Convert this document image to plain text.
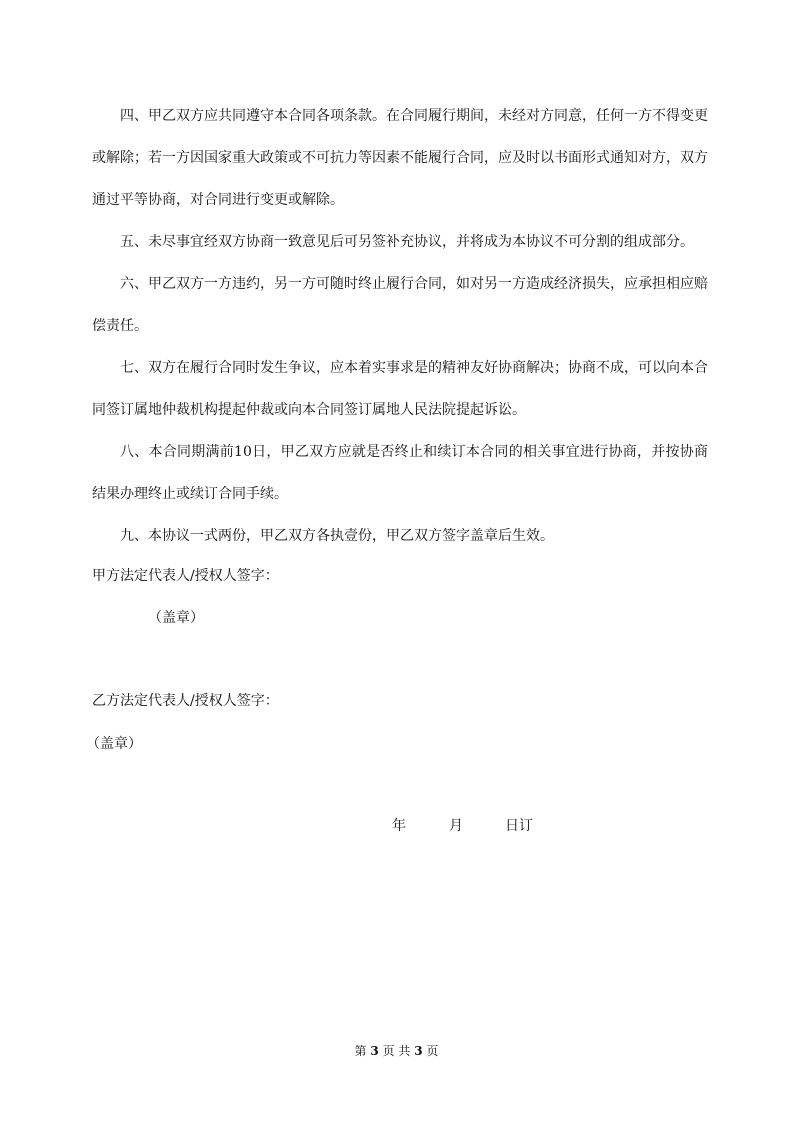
四、甲乙双方应共同遵守本合同各项条款。在合同履行期间，未经对方同意，任何一方不得变更或解除；若一方因国家重大政策或不可抗力等因素不能履行合同，应及时以书面形式通知对方，双方通过平等协商，对合同进行变更或解除。

五、未尽事宜经双方协商一致意见后可另签补充协议，并将成为本协议不可分割的组成部分。

六、甲乙双方一方违约，另一方可随时终止履行合同，如对另一方造成经济损失，应承担相应赔偿责任。

七、双方在履行合同时发生争议，应本着实事求是的精神友好协商解决；协商不成，可以向本合同签订属地仲裁机构提起仲裁或向本合同签订属地人民法院提起诉讼。

八、本合同期满前10日，甲乙双方应就是否终止和续订本合同的相关事宜进行协商，并按协商结果办理终止或续订合同手续。

九、本协议一式两份，甲乙双方各执壹份，甲乙双方签字盖章后生效。

甲方法定代表人/授权人签字：

（盖章）

乙方法定代表人/授权人签字：

（盖章）

年	月	日订
第 3 页 共 3 页
